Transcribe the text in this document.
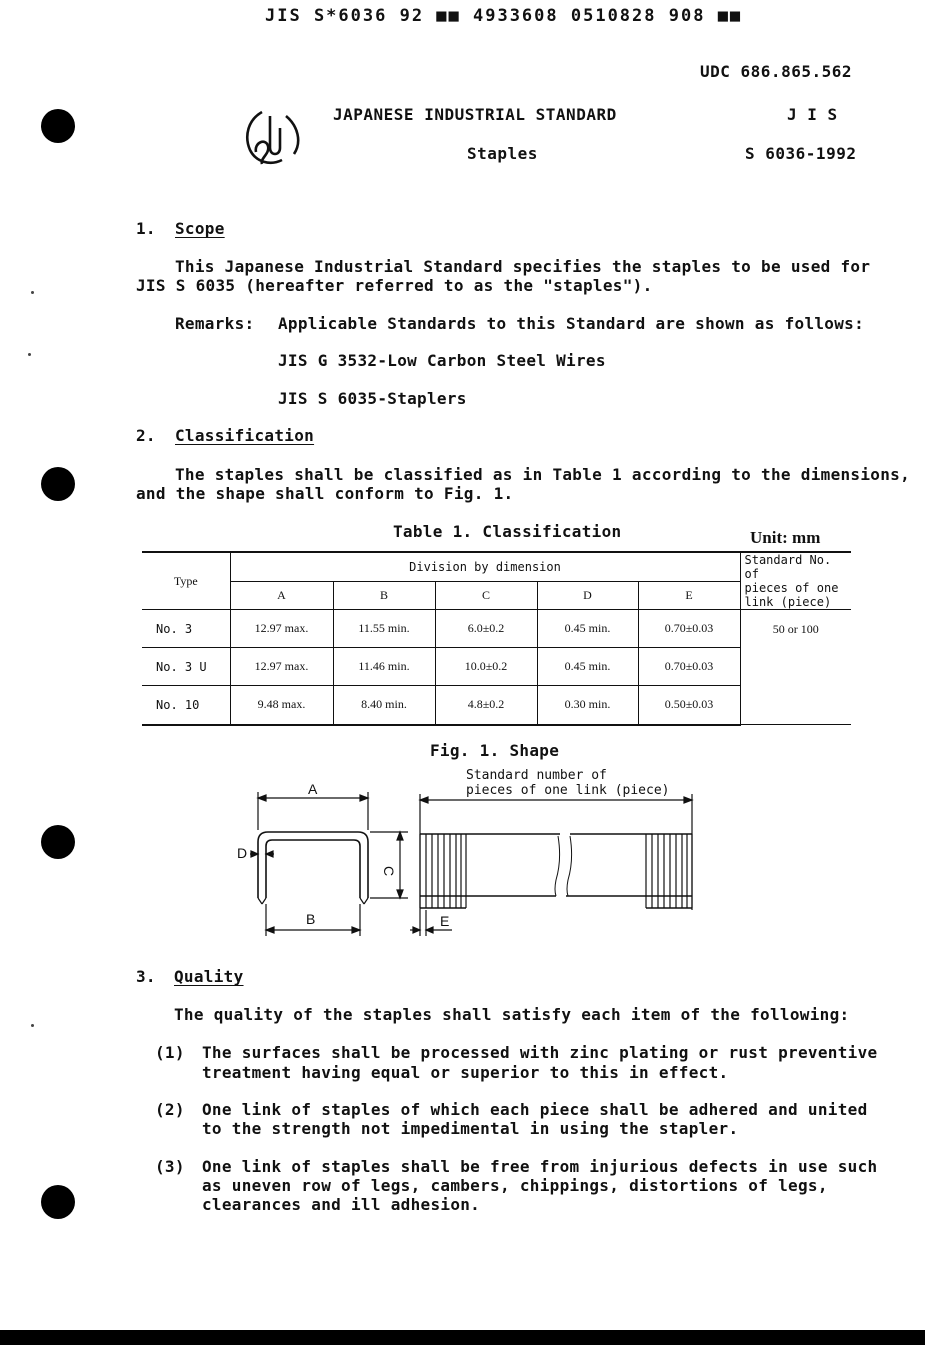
JIS S*6036 92 ■■ 4933608 0510828 908 ■■
UDC 686.865.562
JAPANESE INDUSTRIAL STANDARD	J I S
Staples	S 6036-1992
1. Scope
This Japanese Industrial Standard specifies the staples to be used for
JIS S 6035 (hereafter referred to as the "staples").
Remarks: Applicable Standards to this Standard are shown as follows:
JIS G 3532-Low Carbon Steel Wires
JIS S 6035-Staplers
2. Classification
The staples shall be classified as in Table 1 according to the dimensions,
and the shape shall conform to Fig. 1.
Table 1. Classification	Unit: mm
Type	Division by dimension					Standard No. of
pieces of one
link (piece)

	A	B	C	D	E	
No. 3	12.97 max.	11.55 min.	6.0±0.2	0.45 min.	0.70±0.03	50 or 100
No. 3 U	12.97 max.	11.46 min.	10.0±0.2	0.45 min.	0.70±0.03	
No. 10	9.48 max.	8.40 min.	4.8±0.2	0.30 min.	0.50±0.03	
Fig. 1. Shape
Standard number of
pieces of one link (piece)
A
D
C
B	E
3. Quality
The quality of the staples shall satisfy each item of the following:
(1) The surfaces shall be processed with zinc plating or rust preventive
treatment having equal or superior to this in effect.
(2) One link of staples of which each piece shall be adhered and united
to the strength not impedimental in using the stapler.
(3) One link of staples shall be free from injurious defects in use such
as uneven row of legs, cambers, chippings, distortions of legs,
clearances and ill adhesion.
